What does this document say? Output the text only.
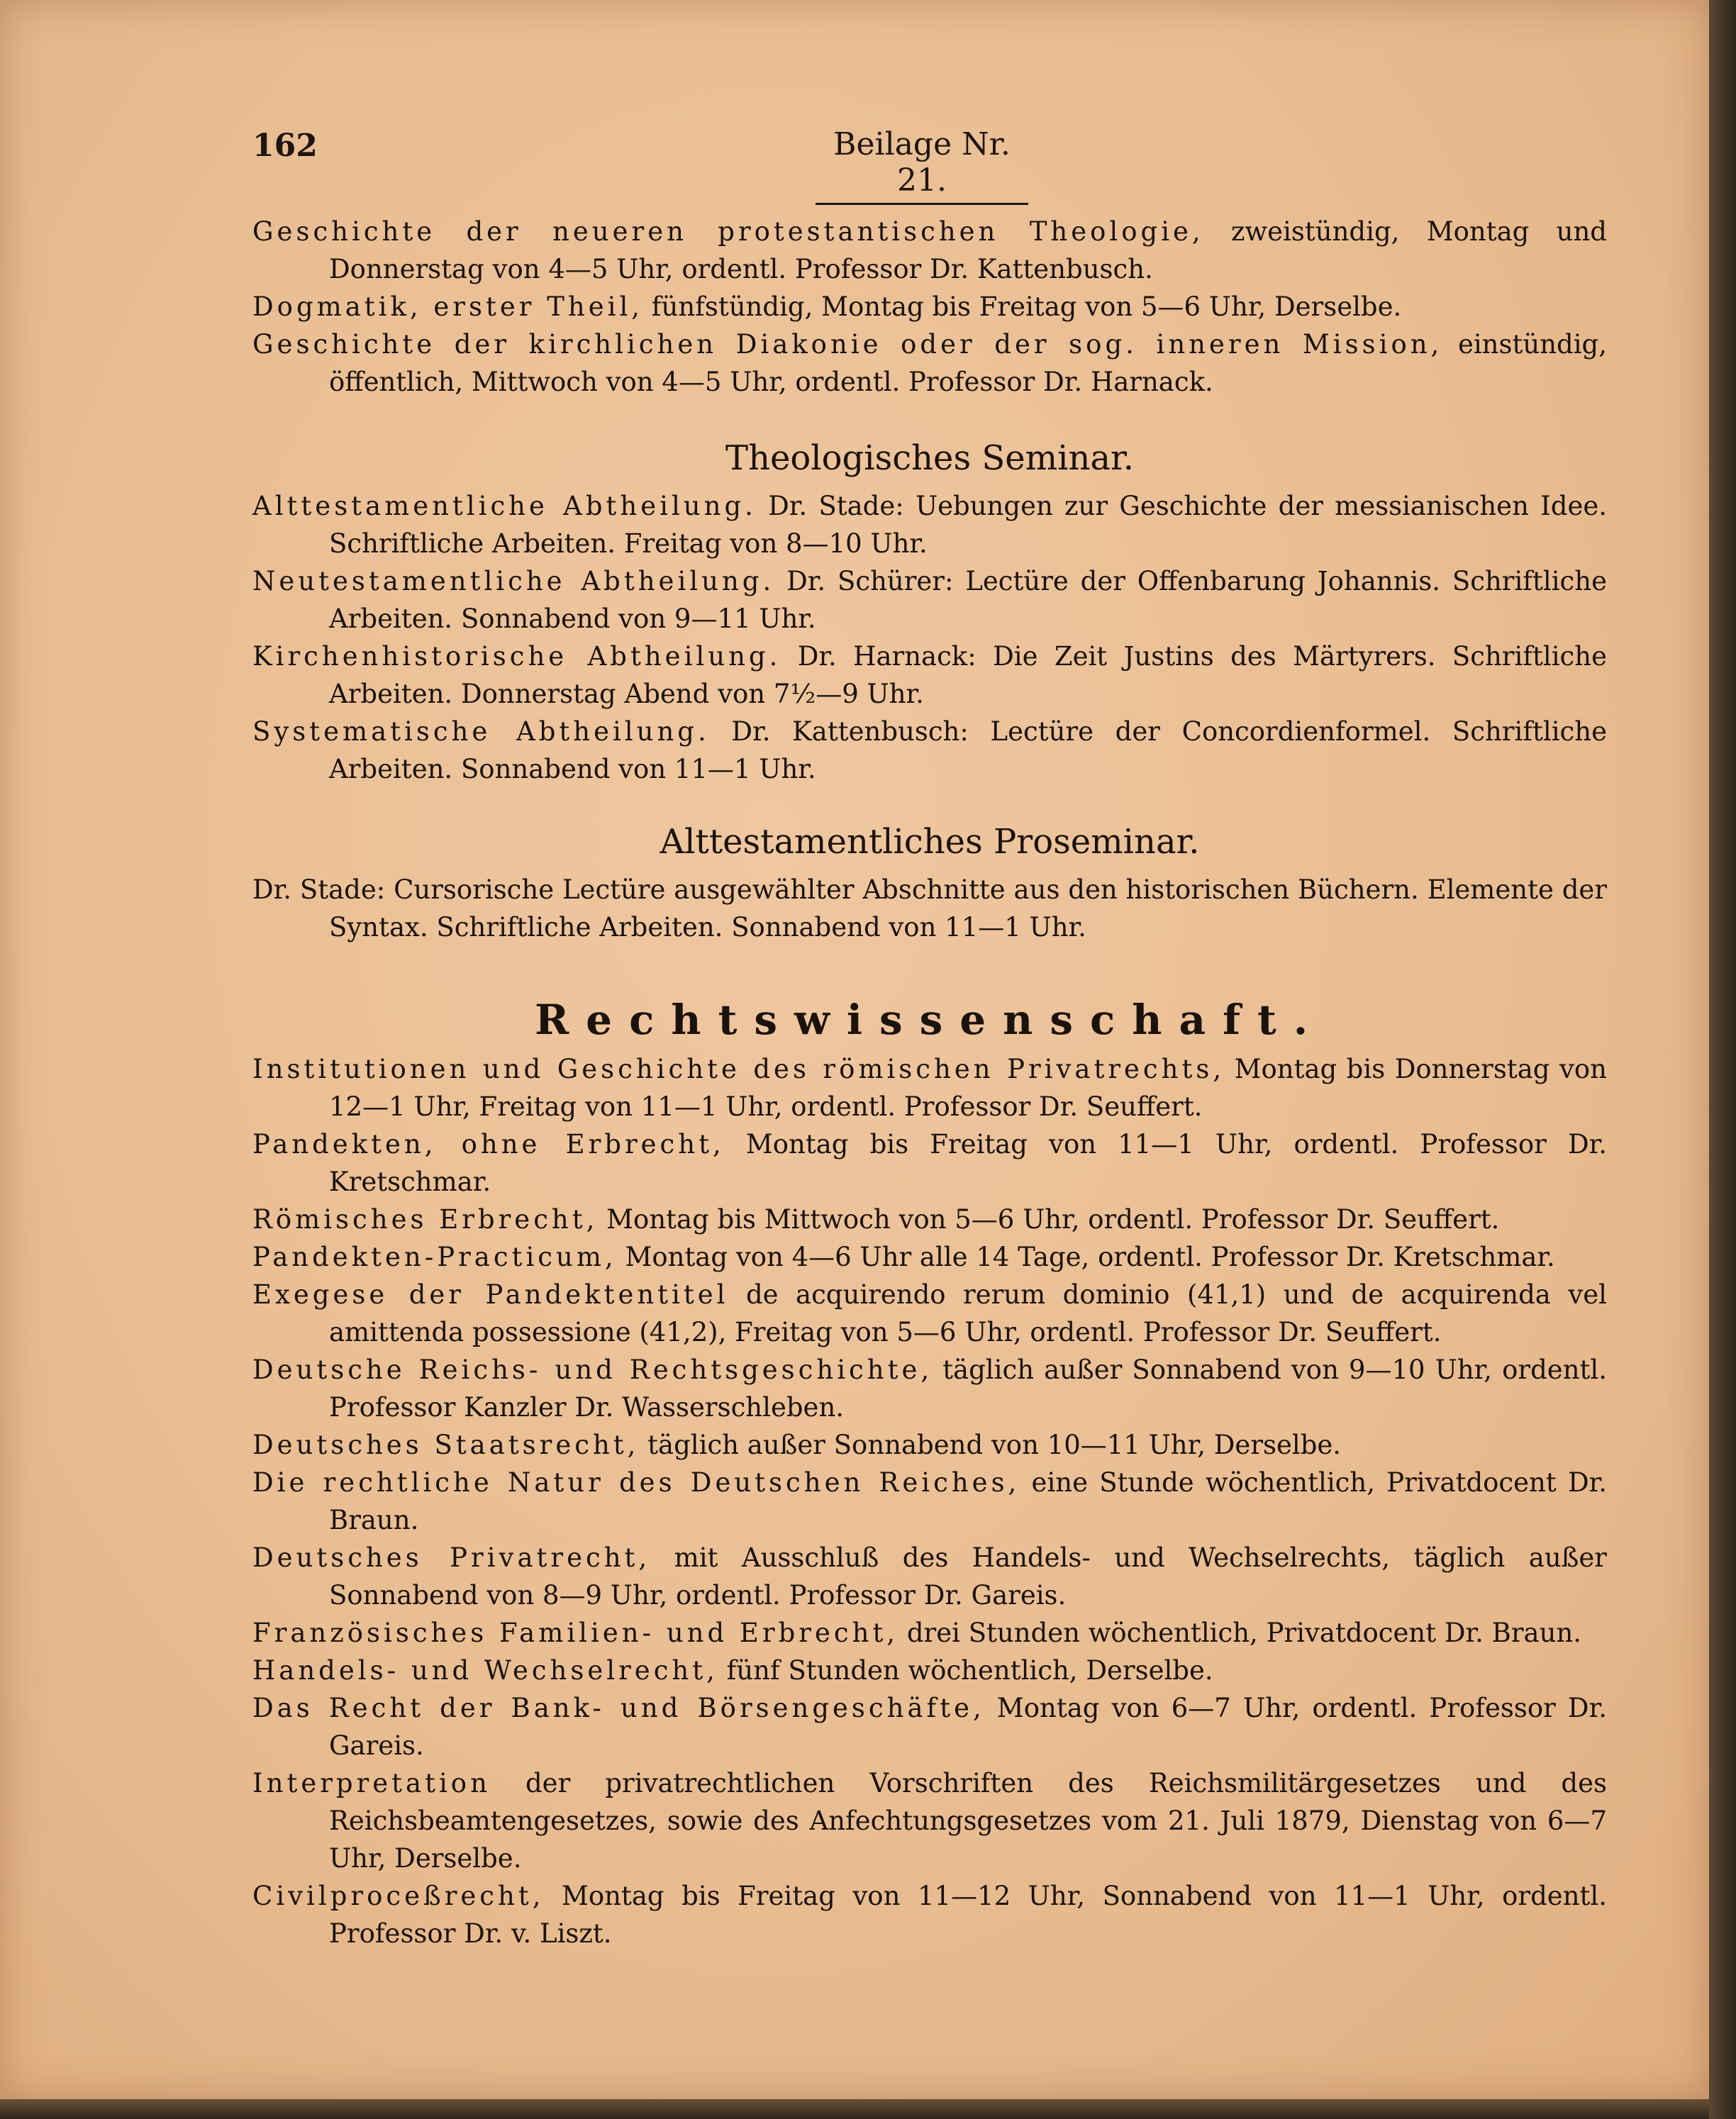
162	Beilage Nr. 21.

Geschichte der neueren protestantischen Theologie, zweistündig, Montag und Donnerstag von 4—5 Uhr, ordentl. Professor Dr. Kattenbusch.

Dogmatik, erster Theil, fünfstündig, Montag bis Freitag von 5—6 Uhr, Derselbe.

Geschichte der kirchlichen Diakonie oder der sog. inneren Mission, einstündig, öffentlich, Mittwoch von 4—5 Uhr, ordentl. Professor Dr. Harnack.

Theologisches Seminar.

Alttestamentliche Abtheilung. Dr. Stade: Uebungen zur Geschichte der messianischen Idee. Schriftliche Arbeiten. Freitag von 8—10 Uhr.

Neutestamentliche Abtheilung. Dr. Schürer: Lectüre der Offenbarung Johannis. Schriftliche Arbeiten. Sonnabend von 9—11 Uhr.

Kirchenhistorische Abtheilung. Dr. Harnack: Die Zeit Justins des Märtyrers. Schriftliche Arbeiten. Donnerstag Abend von 7½—9 Uhr.

Systematische Abtheilung. Dr. Kattenbusch: Lectüre der Concordienformel. Schriftliche Arbeiten. Sonnabend von 11—1 Uhr.

Alttestamentliches Proseminar.

Dr. Stade: Cursorische Lectüre ausgewählter Abschnitte aus den historischen Büchern. Elemente der Syntax. Schriftliche Arbeiten. Sonnabend von 11—1 Uhr.

Rechtswissenschaft.

Institutionen und Geschichte des römischen Privatrechts, Montag bis Donnerstag von 12—1 Uhr, Freitag von 11—1 Uhr, ordentl. Professor Dr. Seuffert.

Pandekten, ohne Erbrecht, Montag bis Freitag von 11—1 Uhr, ordentl. Professor Dr. Kretschmar.

Römisches Erbrecht, Montag bis Mittwoch von 5—6 Uhr, ordentl. Professor Dr. Seuffert.

Pandekten-Practicum, Montag von 4—6 Uhr alle 14 Tage, ordentl. Professor Dr. Kretschmar.

Exegese der Pandektentitel de acquirendo rerum dominio (41,1) und de acquirenda vel amittenda possessione (41,2), Freitag von 5—6 Uhr, ordentl. Professor Dr. Seuffert.

Deutsche Reichs- und Rechtsgeschichte, täglich außer Sonnabend von 9—10 Uhr, ordentl. Professor Kanzler Dr. Wasserschleben.

Deutsches Staatsrecht, täglich außer Sonnabend von 10—11 Uhr, Derselbe.

Die rechtliche Natur des Deutschen Reiches, eine Stunde wöchentlich, Privatdocent Dr. Braun.

Deutsches Privatrecht, mit Ausschluß des Handels- und Wechselrechts, täglich außer Sonnabend von 8—9 Uhr, ordentl. Professor Dr. Gareis.

Französisches Familien- und Erbrecht, drei Stunden wöchentlich, Privatdocent Dr. Braun.

Handels- und Wechselrecht, fünf Stunden wöchentlich, Derselbe.

Das Recht der Bank- und Börsengeschäfte, Montag von 6—7 Uhr, ordentl. Professor Dr. Gareis.

Interpretation der privatrechtlichen Vorschriften des Reichsmilitärgesetzes und des Reichsbeamtengesetzes, sowie des Anfechtungsgesetzes vom 21. Juli 1879, Dienstag von 6—7 Uhr, Derselbe.

Civilproceßrecht, Montag bis Freitag von 11—12 Uhr, Sonnabend von 11—1 Uhr, ordentl. Professor Dr. v. Liszt.
